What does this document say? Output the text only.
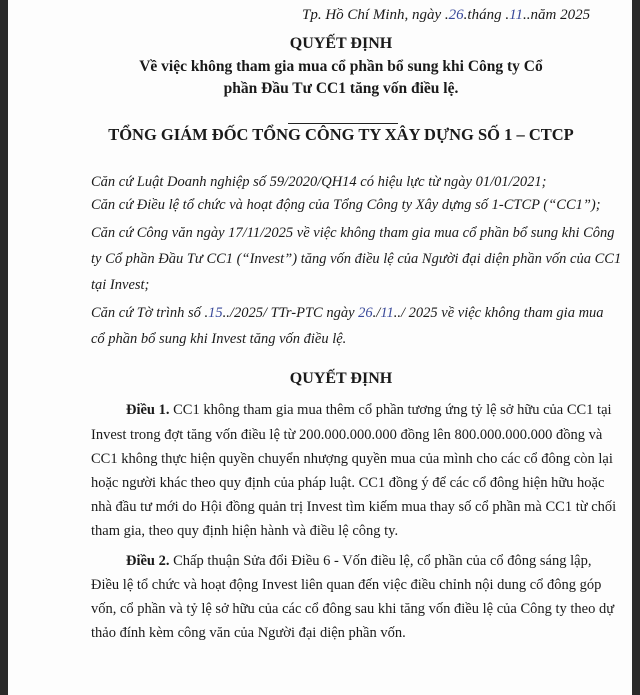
Tp. Hồ Chí Minh, ngày .26.tháng .11..năm 2025
QUYẾT ĐỊNH
Về việc không tham gia mua cổ phần bổ sung khi Công ty Cổ
phần Đầu Tư CC1 tăng vốn điều lệ.
TỔNG GIÁM ĐỐC TỔNG CÔNG TY XÂY DỰNG SỐ 1 – CTCP
Căn cứ Luật Doanh nghiệp số 59/2020/QH14 có hiệu lực từ ngày 01/01/2021;
Căn cứ Điều lệ tổ chức và hoạt động của Tổng Công ty Xây dựng số 1-CTCP (“CC1”);
Căn cứ Công văn ngày 17/11/2025 về việc không tham gia mua cổ phần bổ sung khi Công
ty Cổ phần Đầu Tư CC1 (“Invest”) tăng vốn điều lệ của Người đại diện phần vốn của CC1
tại Invest;
Căn cứ Tờ trình số .15../2025/ TTr-PTC ngày 26./11../ 2025 về việc không tham gia mua
cổ phần bổ sung khi Invest tăng vốn điều lệ.
QUYẾT ĐỊNH
Điều 1. CC1 không tham gia mua thêm cổ phần tương ứng tỷ lệ sở hữu của CC1 tại
Invest trong đợt tăng vốn điều lệ từ 200.000.000.000 đồng lên 800.000.000.000 đồng và
CC1 không thực hiện quyền chuyển nhượng quyền mua của mình cho các cổ đông còn lại
hoặc người khác theo quy định của pháp luật. CC1 đồng ý để các cổ đông hiện hữu hoặc
nhà đầu tư mới do Hội đồng quản trị Invest tìm kiếm mua thay số cổ phần mà CC1 từ chối
tham gia, theo quy định hiện hành và điều lệ công ty.
Điều 2. Chấp thuận Sửa đổi Điều 6 - Vốn điều lệ, cổ phần của cổ đông sáng lập,
Điều lệ tổ chức và hoạt động Invest liên quan đến việc điều chỉnh nội dung cổ đông góp
vốn, cổ phần và tỷ lệ sở hữu của các cổ đông sau khi tăng vốn điều lệ của Công ty theo dự
thảo đính kèm công văn của Người đại diện phần vốn.
